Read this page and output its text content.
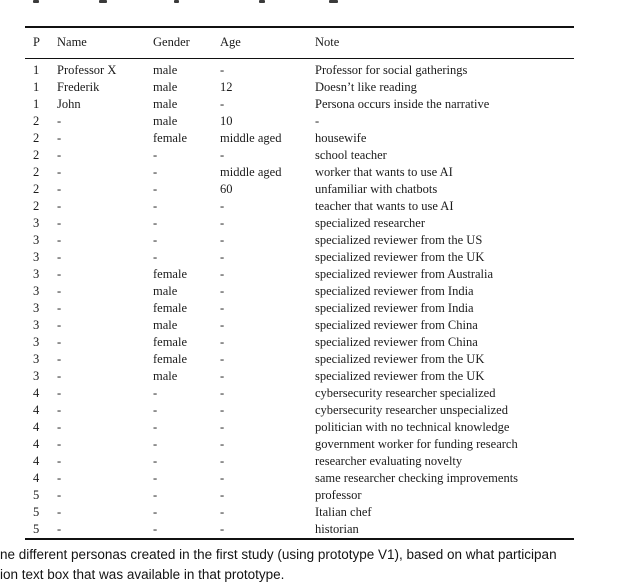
P	Name	Gender	Age	Note
1	Professor X	male	-	Professor for social gatherings
1	Frederik	male	12	Doesn’t like reading
1	John	male	-	Persona occurs inside the narrative
2	-	male	10	-
2	-	female	middle aged	housewife
2	-	-	-	school teacher
2	-	-	middle aged	worker that wants to use AI
2	-	-	60	unfamiliar with chatbots
2	-	-	-	teacher that wants to use AI
3	-	-	-	specialized researcher
3	-	-	-	specialized reviewer from the US
3	-	-	-	specialized reviewer from the UK
3	-	female	-	specialized reviewer from Australia
3	-	male	-	specialized reviewer from India
3	-	female	-	specialized reviewer from India
3	-	male	-	specialized reviewer from China
3	-	female	-	specialized reviewer from China
3	-	female	-	specialized reviewer from the UK
3	-	male	-	specialized reviewer from the UK
4	-	-	-	cybersecurity researcher specialized
4	-	-	-	cybersecurity researcher unspecialized
4	-	-	-	politician with no technical knowledge
4	-	-	-	government worker for funding research
4	-	-	-	researcher evaluating novelty
4	-	-	-	same researcher checking improvements
5	-	-	-	professor
5	-	-	-	Italian chef
5	-	-	-	historian
ne different personas created in the first study (using prototype V1), based on what participan
ion text box that was available in that prototype.
